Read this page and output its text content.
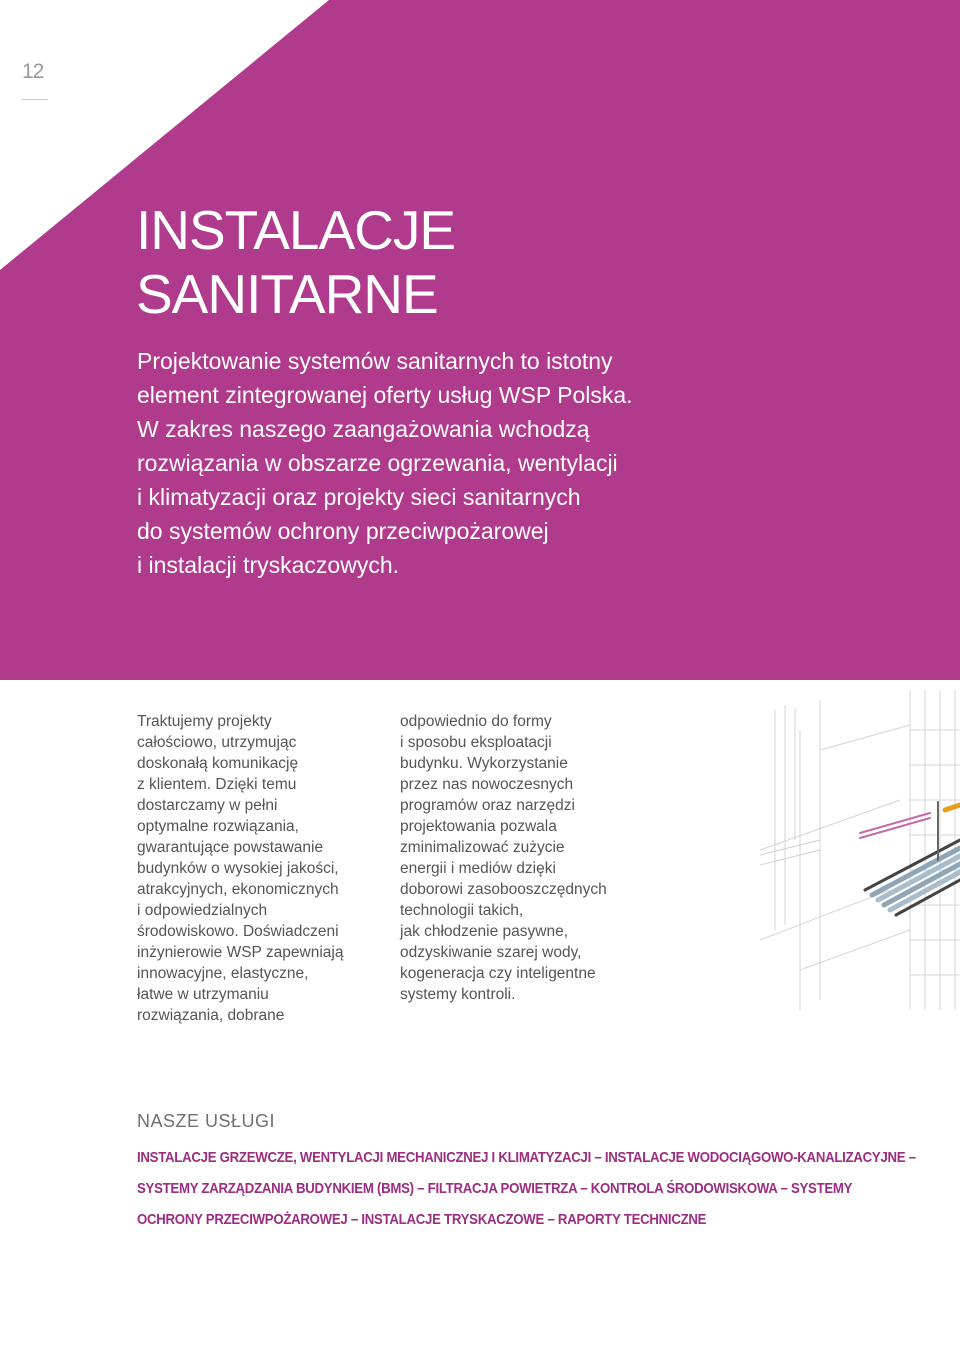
12
INSTALACJE
SANITARNE

Projektowanie systemów sanitarnych to istotny
element zintegrowanej oferty usług WSP Polska.
W zakres naszego zaangażowania wchodzą
rozwiązania w obszarze ogrzewania, wentylacji
i klimatyzacji oraz projekty sieci sanitarnych
do systemów ochrony przeciwpożarowej
i instalacji tryskaczowych.

Traktujemy projekty
całościowo, utrzymując
doskonałą komunikację
z klientem. Dzięki temu
dostarczamy w pełni
optymalne rozwiązania,
gwarantujące powstawanie
budynków o wysokiej jakości,
atrakcyjnych, ekonomicznych
i odpowiedzialnych
środowiskowo. Doświadczeni
inżynierowie WSP zapewniają
innowacyjne, elastyczne,
łatwe w utrzymaniu
rozwiązania, dobrane

odpowiednio do formy
i sposobu eksploatacji
budynku. Wykorzystanie
przez nas nowoczesnych
programów oraz narzędzi
projektowania pozwala
zminimalizować zużycie
energii i mediów dzięki
doborowi zasobooszczędnych
technologii takich,
jak chłodzenie pasywne,
odzyskiwanie szarej wody,
kogeneracja czy inteligentne
systemy kontroli.

NASZE USŁUGI

INSTALACJE GRZEWCZE, WENTYLACJI MECHANICZNEJ I KLIMATYZACJI – INSTALACJE WODOCIĄGOWO-KANALIZACYJNE –
SYSTEMY ZARZĄDZANIA BUDYNKIEM (BMS) – FILTRACJA POWIETRZA – KONTROLA ŚRODOWISKOWA – SYSTEMY
OCHRONY PRZECIWPOŻAROWEJ – INSTALACJE TRYSKACZOWE – RAPORTY TECHNICZNE
